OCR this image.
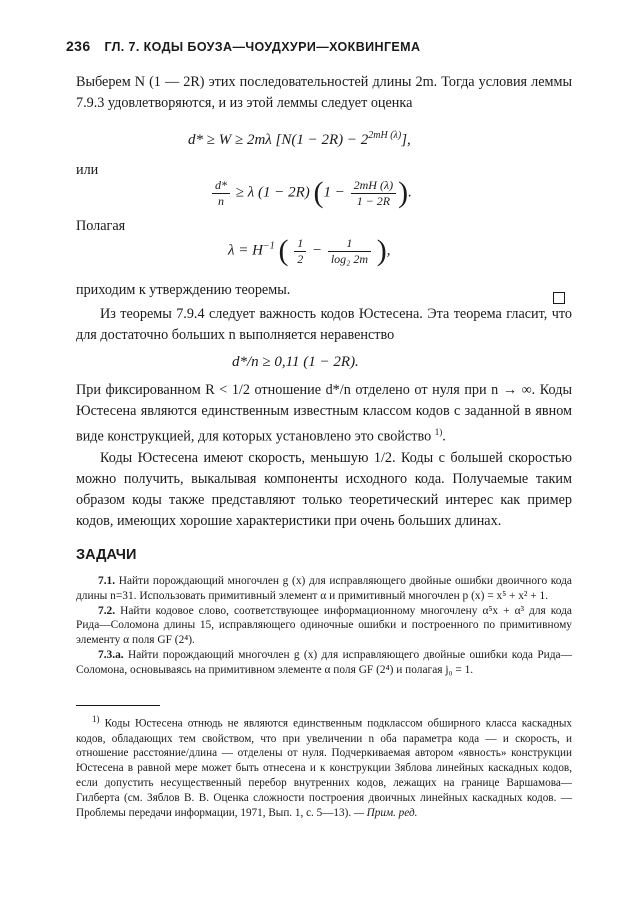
236 ГЛ. 7. КОДЫ БОУЗА—ЧОУДХУРИ—ХОКВИНГЕМА

Выберем N (1 — 2R) этих последовательностей длины 2m. Тогда условия леммы 7.9.3 удовлетворяются, и из этой леммы следует оценка

d* ≥ W ≥ 2mλ $[N(1 - 2R) - 2^{2mH (\lambda)}]$,

или

$\frac{d*}{n} \ge \lambda$ (1 − 2R) ($1 - \frac{2mH (\lambda)}{1 - 2R}$ ).

Полагая

$\lambda = H^{-1}$ ( $\frac{1}{2} - \frac{1}{\text{log₂ 2m}}$ ),

приходим к утверждению теоремы.

Из теоремы 7.9.4 следует важность кодов Юстесена. Эта теорема гласит, что для достаточно больших n выполняется неравенство

d*/n ≥ 0,11 (1 − 2R).

При фиксированном R < 1/2 отношение d*/n отделено от нуля при n → ∞. Коды Юстесена являются единственным известным классом кодов с заданной в явном виде конструкцией, для которых установлено это свойство $^{1)}$.

Коды Юстесена имеют скорость, меньшую 1/2. Коды с большей скоростью можно получить, выкалывая компоненты исходного кода. Получаемые таким образом коды также представляют только теоретический интерес как пример кодов, имеющих хорошие характеристики при очень больших длинах.

ЗАДАЧИ

7.1. Найти порождающий многочлен g (x) для исправляющего двойные ошибки двоичного кода длины n=31. Использовать примитивный элемент α и примитивный многочлен p (x) = x⁵ + x² + 1.

7.2. Найти кодовое слово, соответствующее информационному многочлену α⁵x + α³ для кода Рида—Соломона длины 15, исправляющего одиночные ошибки и построенного по примитивному элементу α поля GF (2⁴).

7.3.a. Найти порождающий многочлен g (x) для исправляющего двойные ошибки кода Рида—Соломона, основываясь на примитивном элементе α поля GF (2⁴) и полагая j₀ = 1.

$^{1)}$ Коды Юстесена отнюдь не являются единственным подклассом обширного класса каскадных кодов, обладающих тем свойством, что при увеличении n оба параметра кода — и скорость, и отношение расстояние/длина — отделены от нуля. Подчеркиваемая автором «явность» конструкции Юстесена в равной мере может быть отнесена и к конструкции Зяблова линейных каскадных кодов, если допустить несущественный перебор внутренних кодов, лежащих на границе Варшамова—Гилберта (см. Зяблов В. В. Оценка сложности построения двоичных линейных каскадных кодов. — Проблемы передачи информации, 1971, Вып. 1, с. 5—13). — Прим. ред.
